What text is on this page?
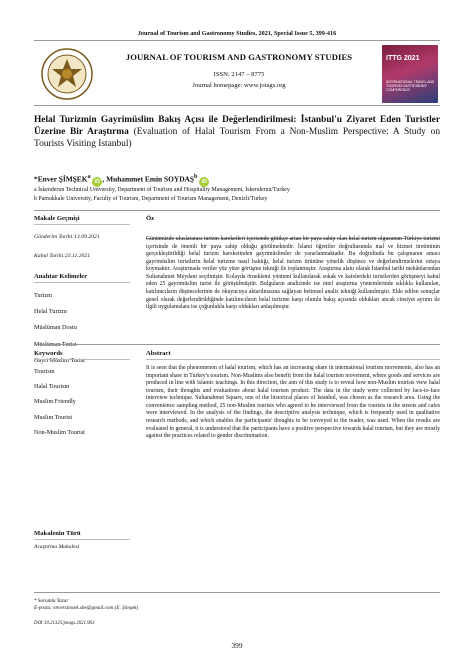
Journal of Tourism and Gastronomy Studies, 2021, Special Issue 5, 399-416
JOURNAL OF TOURISM AND GASTRONOMY STUDIES
ISSN: 2147 – 8775
Journal homepage: www.jotags.org
ITTG 2021
INTERNATIONAL TRAVEL AND TOURISM GASTRONOMY CONFERENCE
Helal Turizmin Gayrimüslim Bakış Açısı ile Değerlendirilmesi: İstanbul'u Ziyaret Eden Turistler Üzerine Bir Araştırma (Evaluation of Halal Tourism From a Non-Muslim Perspective: A Study on Tourists Visiting Istanbul)
*Enver ŞİMŞEK$^a$ iD , Muhammet Emin SOYDAŞ$^b$ iD
a İskenderun Technical University, Department of Tourism and Hospitality Management, İskenderun/Turkey
b Pamukkale University, Faculty of Tourism, Department of Tourism Management, Denizli/Turkey
Makale Geçmişi
Gönderim Tarihi:13.09.2021
Kabul Tarihi:23.11.2021
Anahtar Kelimeler
Turizm
Helal Turizm
Müslüman Dostu
Müslüman Turist
Gayri Müslim Turist
Öz
Günümüzde uluslararası turizm hareketleri içerisinde gittikçe artan bir paya sahip olan helal turizm olgusunun Türkiye turizmi içerisinde de önemli bir paya sahip olduğu görülmektedir. İslami öğretiler doğrultusunda mal ve hizmet üretiminin gerçekleştirildiği helal turizm hareketinden gayrimüslimler de yararlanmaktadır. Bu doğrultuda bu çalışmanın amacı gayrimüslim turistlerin helal turizme nasıl baktığı, helal turizm ürününe yönelik düşünce ve değerlendirmelerini ortaya koymaktır. Araştırmada veriler yüz yüze görüşme tekniği ile toplanmıştır. Araştırma alanı olarak İstanbul tarihi mekânlarından Sultanahmet Meydanı seçilmiştir. Kolayda örneklemi yöntemi kullanılarak sokak ve kafelerdeki turistlerden görüşmeyi kabul eden 25 gayrimüslim turist ile görüşülmüştür. Bulguların analizinde ise nitel araştırma yöntemlerinde sıklıkla kullanılan, katılımcıların düşüncelerinin de okuyucuya aktarılmasına sağlayan betimsel analiz tekniği kullanılmıştır. Elde edilen sonuçlar genel olarak değerlendirildiğinde katılımcıların helal turizme karşı olumlu bakış açısında oldukları ancak cinsiyet ayrımı ile ilgili uygulamalara ise çoğunlukla karşı oldukları anlaşılmıştır.
Keywords
Tourism
Halal Tourism
Muslim Friendly
Muslim Tourist
Non-Muslim Tourist
Abstract
It is seen that the phenomenon of halal tourism, which has an increasing share in international tourism movements, also has an important share in Turkey's tourism. Non-Muslims also benefit from the halal tourism movement, where goods and services are produced in line with Islamic teachings. In this direction, the aim of this study is to reveal how non-Muslim tourists view halal tourism, their thoughts and evaluations about halal tourism product. The data in the study were collected by face-to-face interview technique. Sultanahmet Square, one of the historical places of Istanbul, was chosen as the research area. Using the convenience sampling method, 25 non-Muslim tourists who agreed to be interviewed from the tourists in the streets and cafes were interviewed. In the analysis of the findings, the descriptive analysis technique, which is frequently used in qualitative research methods, and which enables the participants' thoughts to be conveyed to the reader, was used. When the results are evaluated in general, it is understood that the participants have a positive perspective towards halal tourism, but they are mostly against the practices related to gender discrimination.
Makalenin Türü
Araştırma Makalesi
* Sorumlu Yazar
E-posta: enversimsek.sbe@gmail.com (E. Şimşek)
DOI:10.21325/jotags.2021.963
399
